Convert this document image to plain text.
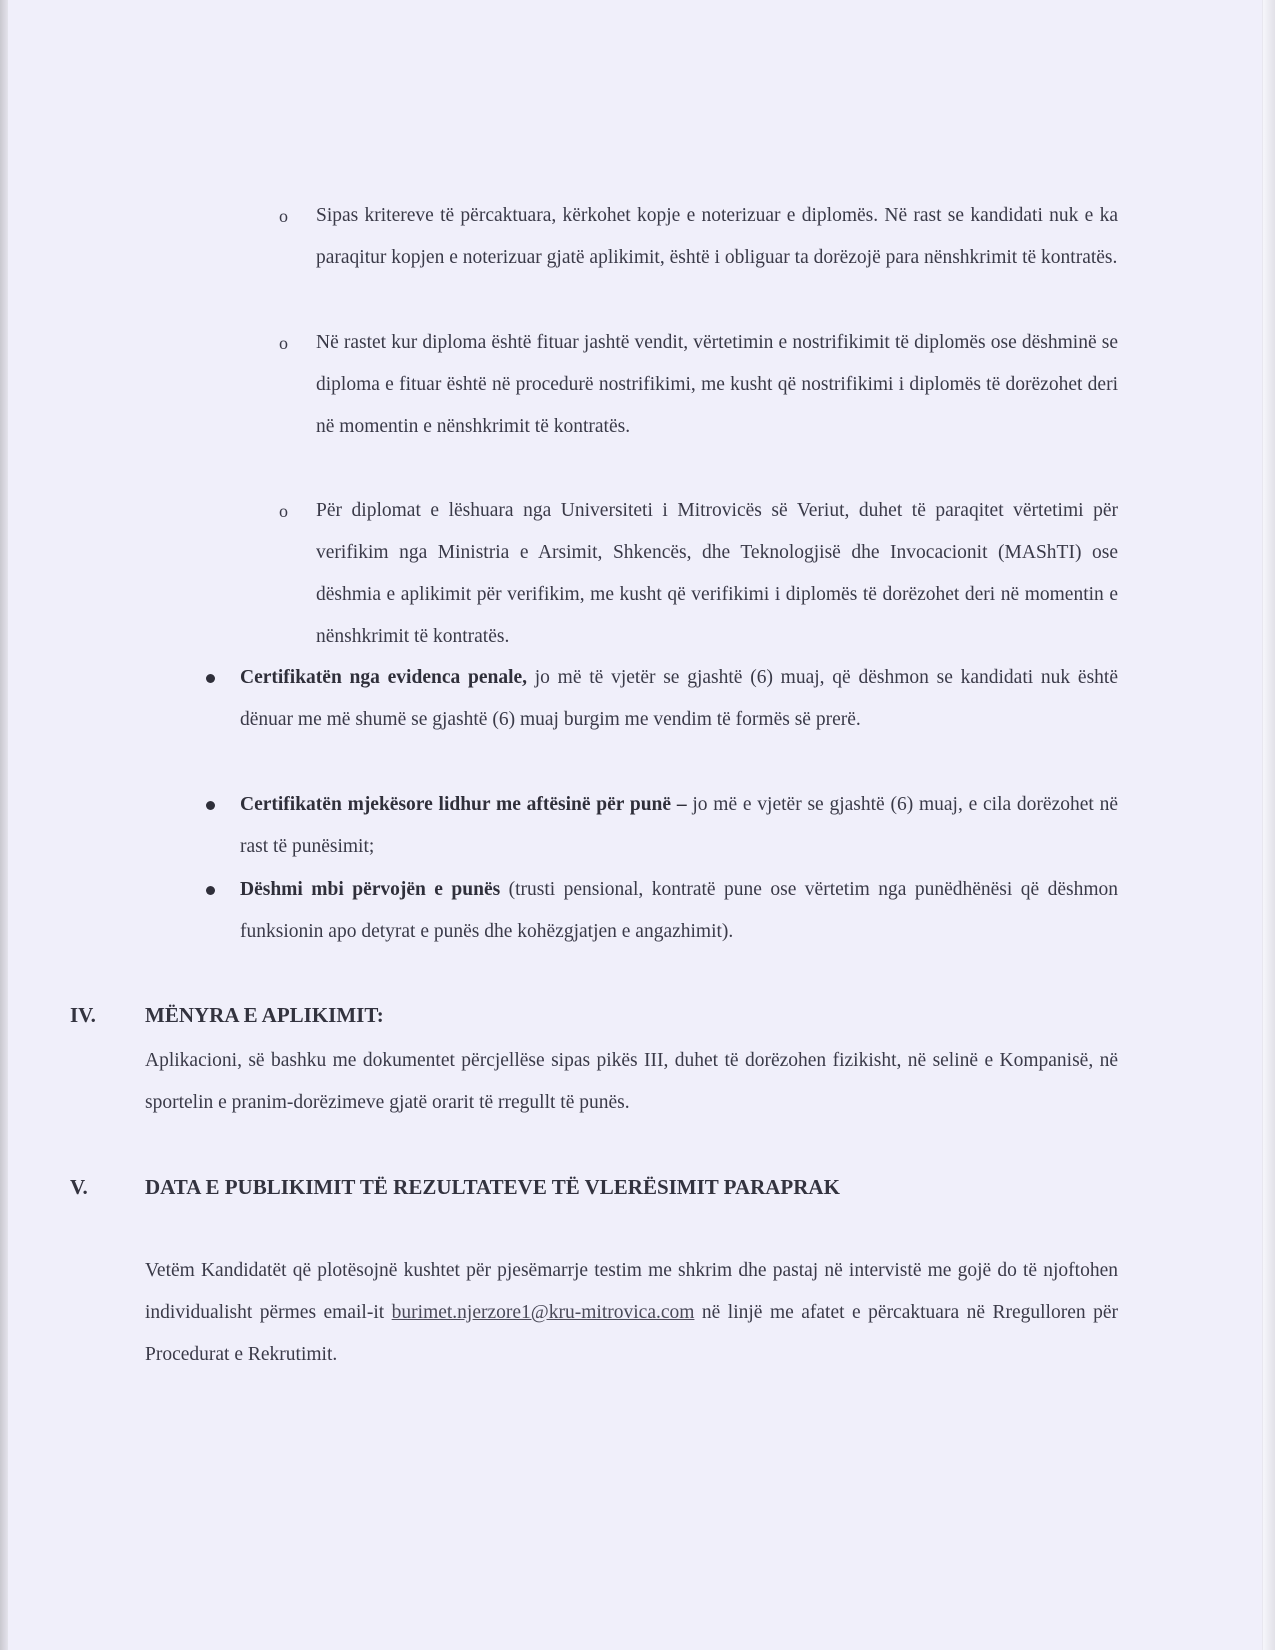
o Sipas kritereve të përcaktuara, kërkohet kopje e noterizuar e diplomës. Në rast se kandidati nuk e ka paraqitur kopjen e noterizuar gjatë aplikimit, është i obliguar ta dorëzojë para nënshkrimit të kontratës.
o Në rastet kur diploma është fituar jashtë vendit, vërtetimin e nostrifikimit të diplomës ose dëshminë se diploma e fituar është në procedurë nostrifikimi, me kusht që nostrifikimi i diplomës të dorëzohet deri në momentin e nënshkrimit të kontratës.
o Për diplomat e lëshuara nga Universiteti i Mitrovicës së Veriut, duhet të paraqitet vërtetimi për verifikim nga Ministria e Arsimit, Shkencës, dhe Teknologjisë dhe Invocacionit (MAShTI) ose dëshmia e aplikimit për verifikim, me kusht që verifikimi i diplomës të dorëzohet deri në momentin e nënshkrimit të kontratës.
Certifikatën nga evidenca penale, jo më të vjetër se gjashtë (6) muaj, që dëshmon se kandidati nuk është dënuar me më shumë se gjashtë (6) muaj burgim me vendim të formës së prerë.
Certifikatën mjekësore lidhur me aftësinë për punë – jo më e vjetër se gjashtë (6) muaj, e cila dorëzohet në rast të punësimit;
Dëshmi mbi përvojën e punës (trusti pensional, kontratë pune ose vërtetim nga punëdhënësi që dëshmon funksionin apo detyrat e punës dhe kohëzgjatjen e angazhimit).
IV. MËNYRA E APLIKIMIT:
Aplikacioni, së bashku me dokumentet përcjellëse sipas pikës III, duhet të dorëzohen fizikisht, në selinë e Kompanisë, në sportelin e pranim-dorëzimeve gjatë orarit të rregullt të punës.
V.	DATA E PUBLIKIMIT TË REZULTATEVE TË VLERËSIMIT PARAPRAK
Vetëm Kandidatët që plotësojnë kushtet për pjesëmarrje testim me shkrim dhe pastaj në intervistë me gojë do të njoftohen individualisht përmes email-it burimet.njerzore1@kru-mitrovica.com në linjë me afatet e përcaktuara në Rregulloren për Procedurat e Rekrutimit.
